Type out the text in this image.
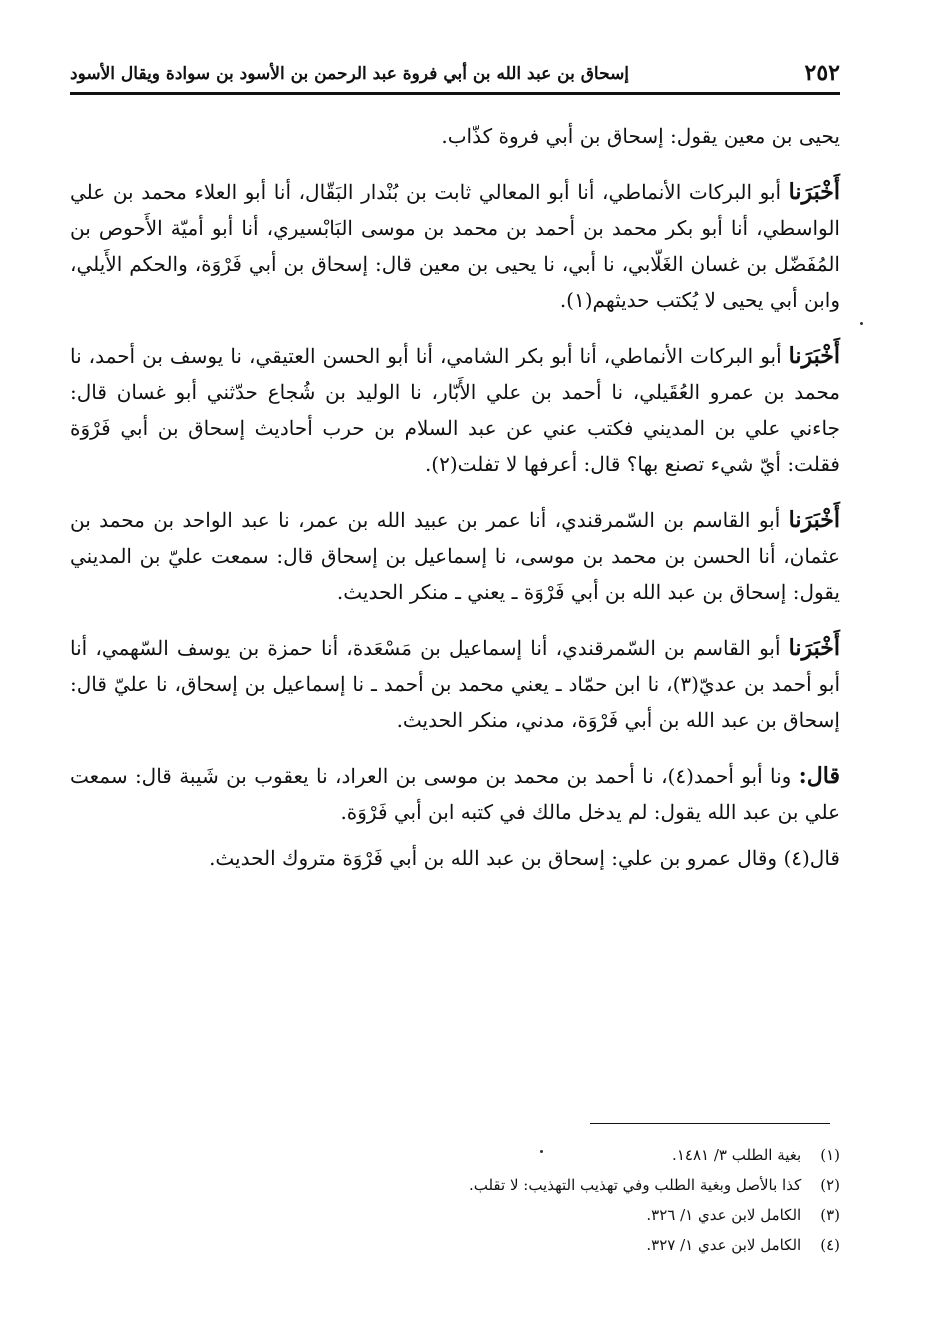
٢٥٢
إسحاق بن عبد الله بن أبي فروة عبد الرحمن بن الأسود بن سوادة ويقال الأسود

يحيى بن معين يقول: إسحاق بن أبي فروة كذّاب.

أَخْبَرَنا أبو البركات الأنماطي، أنا أبو المعالي ثابت بن بُنْدار البَقّال، أنا أبو العلاء محمد بن علي الواسطي، أنا أبو بكر محمد بن أحمد بن محمد بن موسى البَابْسيري، أنا أبو أميّة الأَحوص بن المُفَضّل بن غسان الغَلّابي، نا أبي، نا يحيى بن معين قال: إسحاق بن أبي فَرْوَة، والحكم الأَيلي، وابن أبي يحيى لا يُكتب حديثهم(١).

أَخْبَرَنا أبو البركات الأنماطي، أنا أبو بكر الشامي، أنا أبو الحسن العتيقي، نا يوسف بن أحمد، نا محمد بن عمرو العُقَيلي، نا أحمد بن علي الأَبّار، نا الوليد بن شُجاع حدّثني أبو غسان قال: جاءني علي بن المديني فكتب عني عن عبد السلام بن حرب أحاديث إسحاق بن أبي فَرْوَة فقلت: أيّ شيء تصنع بها؟ قال: أعرفها لا تفلت(٢).

أَخْبَرَنا أبو القاسم بن السّمرقندي، أنا عمر بن عبيد الله بن عمر، نا عبد الواحد بن محمد بن عثمان، أنا الحسن بن محمد بن موسى، نا إسماعيل بن إسحاق قال: سمعت عليّ بن المديني يقول: إسحاق بن عبد الله بن أبي فَرْوَة ـ يعني ـ منكر الحديث.

أَخْبَرَنا أبو القاسم بن السّمرقندي، أنا إسماعيل بن مَسْعَدة، أنا حمزة بن يوسف السّهمي، أنا أبو أحمد بن عديّ(٣)، نا ابن حمّاد ـ يعني محمد بن أحمد ـ نا إسماعيل بن إسحاق، نا عليّ قال: إسحاق بن عبد الله بن أبي فَرْوَة، مدني، منكر الحديث.

قال: ونا أبو أحمد(٤)، نا أحمد بن محمد بن موسى بن العراد، نا يعقوب بن شَيبة قال: سمعت علي بن عبد الله يقول: لم يدخل مالك في كتبه ابن أبي فَرْوَة.

قال(٤) وقال عمرو بن علي: إسحاق بن عبد الله بن أبي فَرْوَة متروك الحديث.

(١) بغية الطلب ٣/ ١٤٨١.
(٢) كذا بالأصل وبغية الطلب وفي تهذيب التهذيب: لا تقلب.
(٣) الكامل لابن عدي ١/ ٣٢٦.
(٤) الكامل لابن عدي ١/ ٣٢٧.
